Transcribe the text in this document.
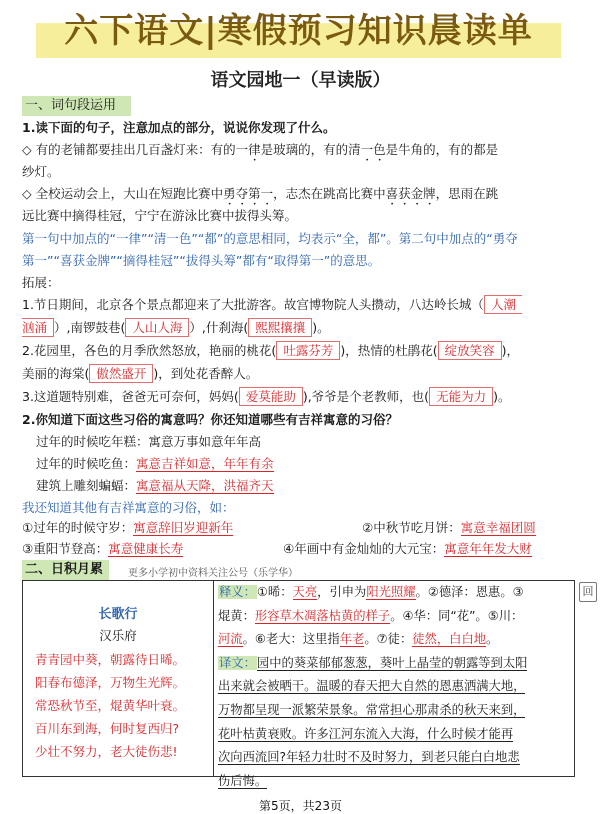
六下语文|寒假预习知识晨读单
语文园地一（早读版）
一、词句段运用
1.读下面的句子，注意加点的部分，说说你发现了什么。
◇ 有的老铺都要挂出几百盏灯来：有的一律是玻璃的，有的清一色是牛角的，有的都是
纱灯。
◇ 全校运动会上，大山在短跑比赛中勇夺第一，志杰在跳高比赛中喜获金牌，思雨在跳
远比赛中摘得桂冠，宁宁在游泳比赛中拔得头筹。
第一句中加点的“一律”“清一色”“都”的意思相同，均表示“全，都”。第二句中加点的“勇夺
第一”“喜获金牌”“摘得桂冠”“拔得头筹”都有“取得第一”的意思。
拓展：
1.节日期间，北京各个景点都迎来了大批游客。故宫博物院人头攒动，八达岭长城（ 人潮
汹涌 ）,南锣鼓巷( 人山人海 ）,什刹海( 熙熙攘攘 )。
2.花园里，各色的月季欣然怒放，艳丽的桃花( 吐露芬芳 )，热情的杜鹃花( 绽放笑容 )，
美丽的海棠( 傲然盛开 )，到处花香醉人。
3.这道题特别难，爸爸无可奈何，妈妈( 爱莫能助 ),爷爷是个老教师，也( 无能为力 )。
2.你知道下面这些习俗的寓意吗？你还知道哪些有吉祥寓意的习俗？
过年的时候吃年糕：寓意万事如意年年高
过年的时候吃鱼：寓意吉祥如意，年年有余
建筑上雕刻蝙蝠：寓意福从天降，洪福齐天
我还知道其他有吉祥寓意的习俗，如：
①过年的时候守岁：寓意辞旧岁迎新年	②中秋节吃月饼：寓意幸福团圆
③重阳节登高：寓意健康长寿	④年画中有金灿灿的大元宝：寓意年年发大财
二、日积月累	更多小学初中资料关注公号（乐学华）
长歌行
汉乐府
青青园中葵，朝露待日晞。
阳春布德泽，万物生光辉。
常恐秋节至，焜黄华叶衰。
百川东到海，何时复西归?
少壮不努力，老大徒伤悲!
释义：①晞：天亮，引申为阳光照耀。②德泽：恩惠。③
焜黄：形容草木凋落枯黄的样子。④华：同“花”。⑤川：
河流。⑥老大：这里指年老。⑦徒：徒然，白白地。
译文：园中的葵菜郁郁葱葱，葵叶上晶莹的朝露等到太阳
出来就会被晒干。温暖的春天把大自然的恩惠洒满大地，
万物都呈现一派繁荣景象。常常担心那肃杀的秋天来到，
花叶枯黄衰败。许多江河东流入大海，什么时候才能再
次向西流回?年轻力壮时不及时努力，到老只能白白地悲
伤后悔。
回
第5页，共23页
